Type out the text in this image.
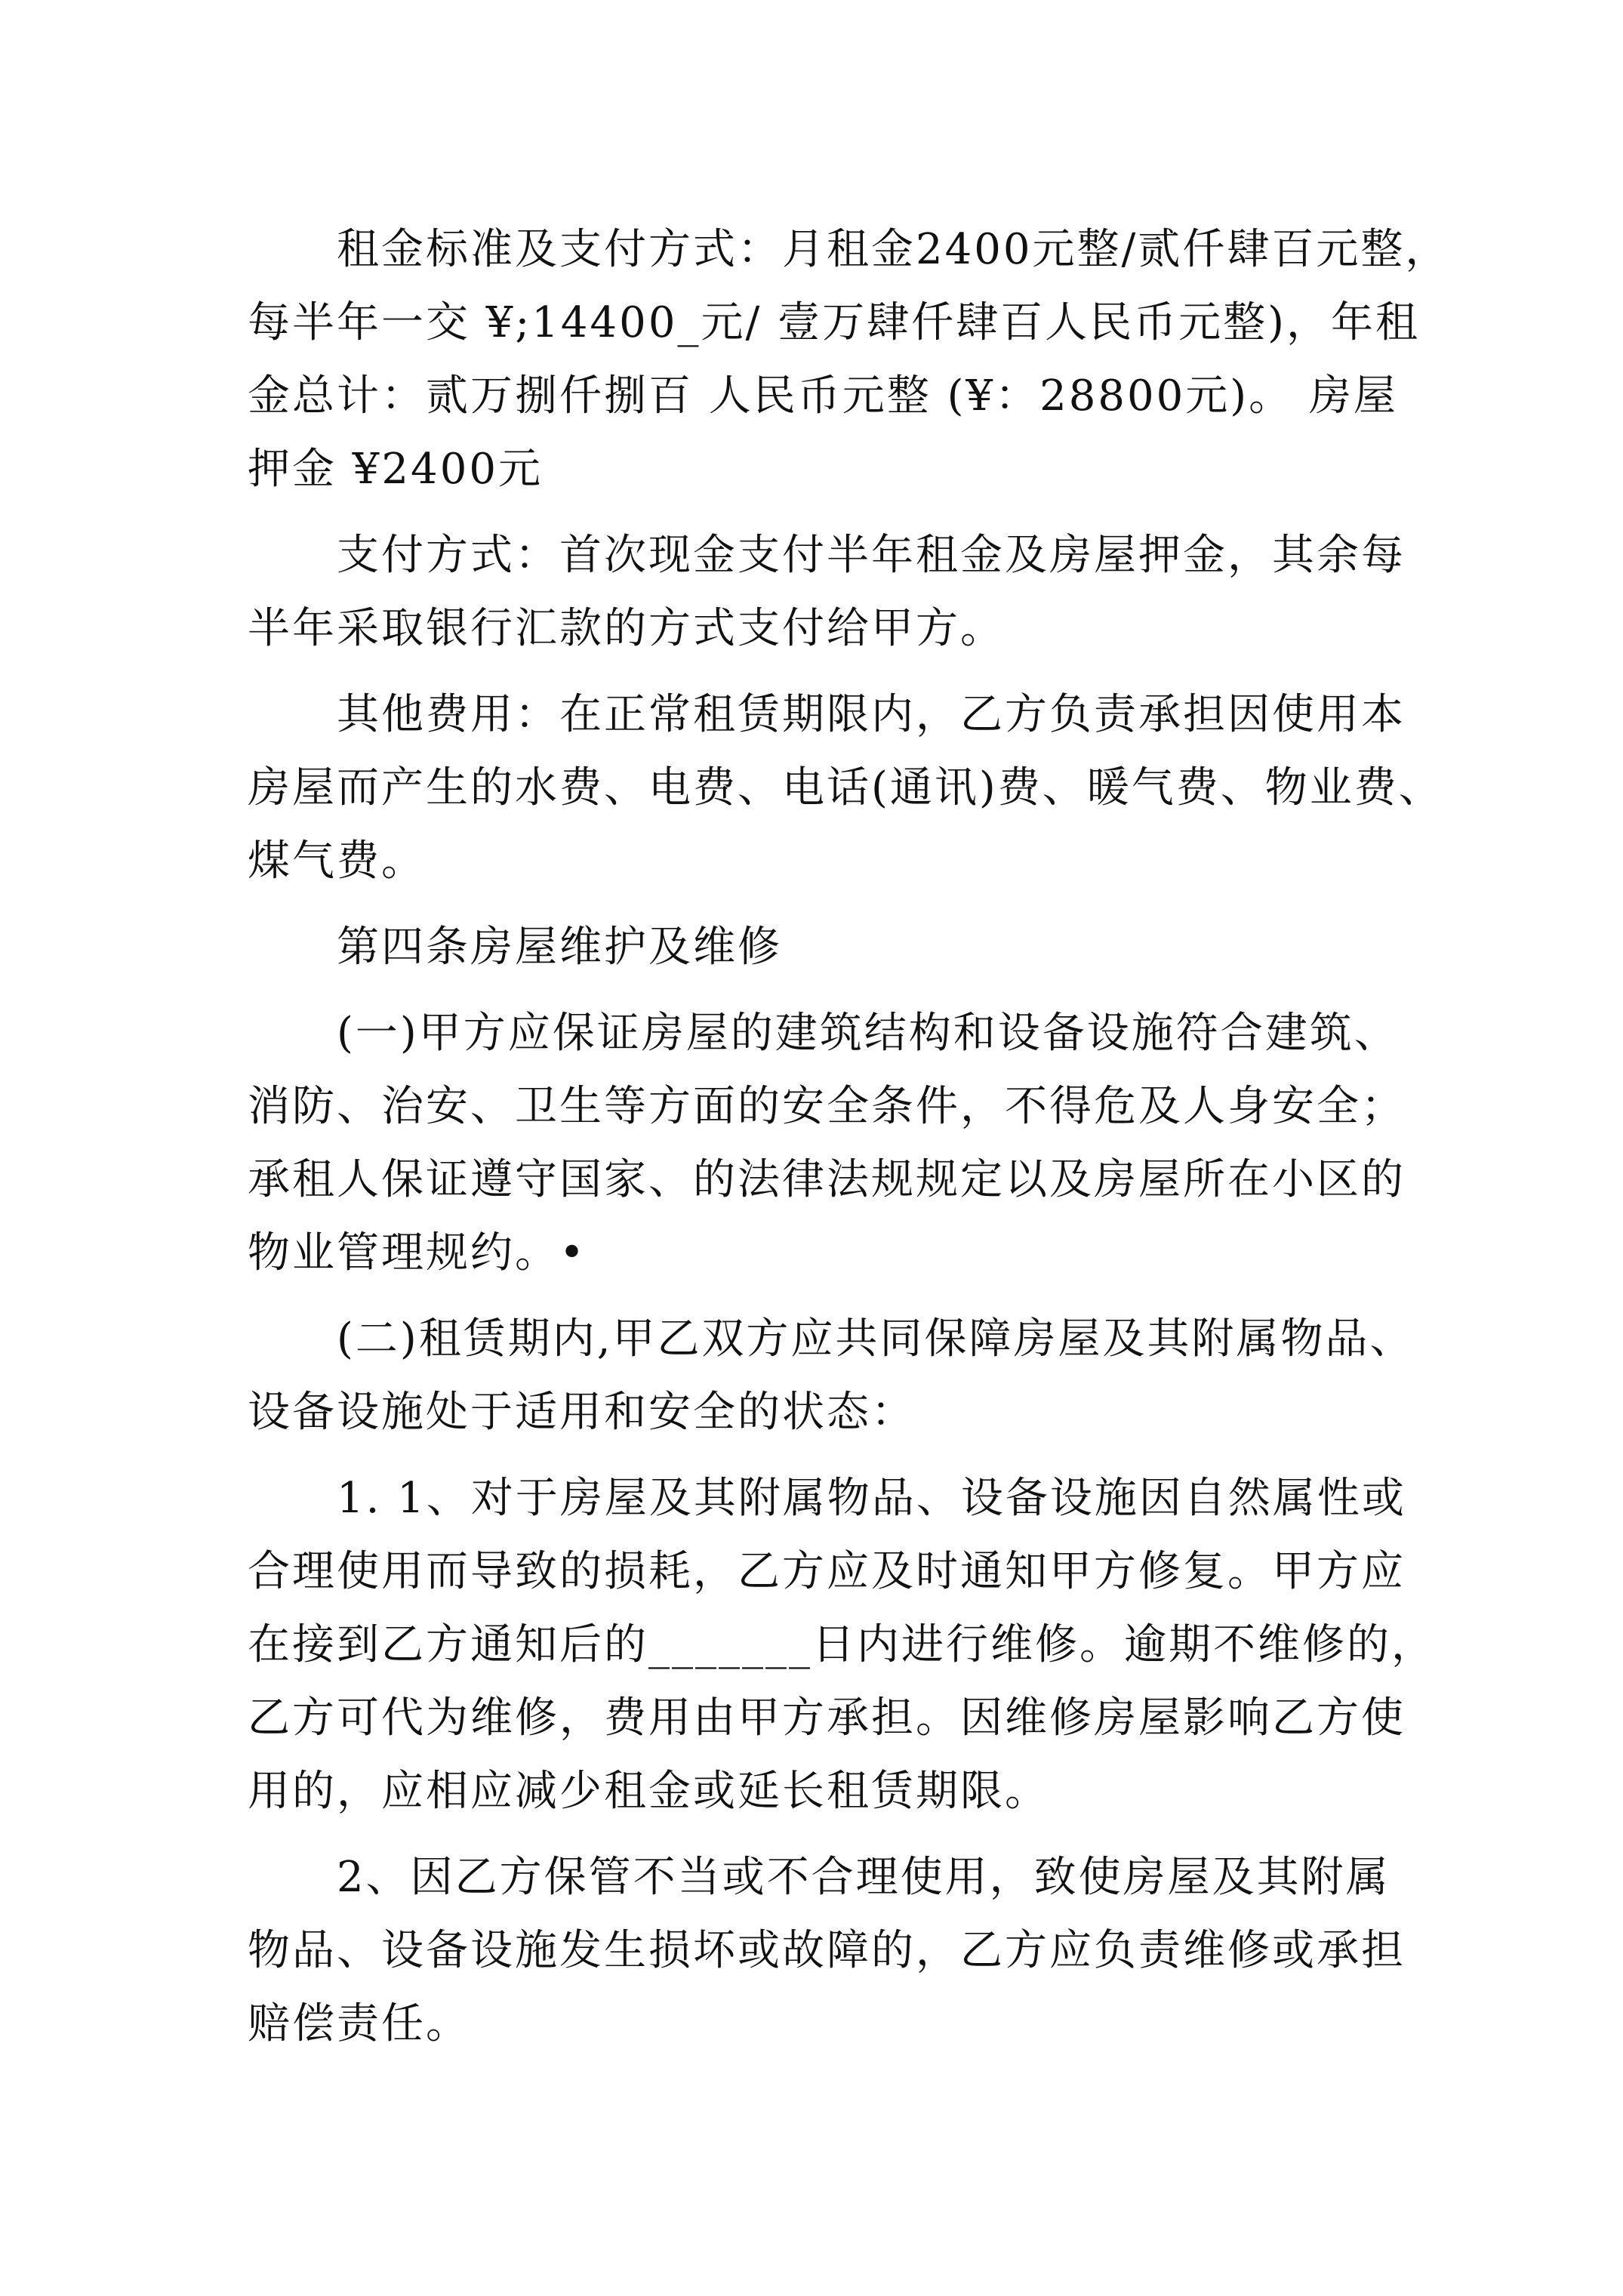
租金标准及支付方式：月租金2400元整/贰仟肆百元整，
每半年一交 ¥;14400_元/ 壹万肆仟肆百人民币元整)，年租
金总计：贰万捌仟捌百 人民币元整 (¥：28800元)。 房屋
押金 ¥2400元
支付方式：首次现金支付半年租金及房屋押金，其余每
半年采取银行汇款的方式支付给甲方。
其他费用：在正常租赁期限内，乙方负责承担因使用本
房屋而产生的水费、电费、电话(通讯)费、暖气费、物业费、
煤气费。
第四条房屋维护及维修
(一)甲方应保证房屋的建筑结构和设备设施符合建筑、
消防、治安、卫生等方面的安全条件，不得危及人身安全；
承租人保证遵守国家、的法律法规规定以及房屋所在小区的
物业管理规约。•
(二)租赁期内,甲乙双方应共同保障房屋及其附属物品、
设备设施处于适用和安全的状态：
1. 1、对于房屋及其附属物品、设备设施因自然属性或
合理使用而导致的损耗，乙方应及时通知甲方修复。甲方应
在接到乙方通知后的_______日内进行维修。逾期不维修的，
乙方可代为维修，费用由甲方承担。因维修房屋影响乙方使
用的，应相应减少租金或延长租赁期限。
2、因乙方保管不当或不合理使用，致使房屋及其附属
物品、设备设施发生损坏或故障的，乙方应负责维修或承担
赔偿责任。
